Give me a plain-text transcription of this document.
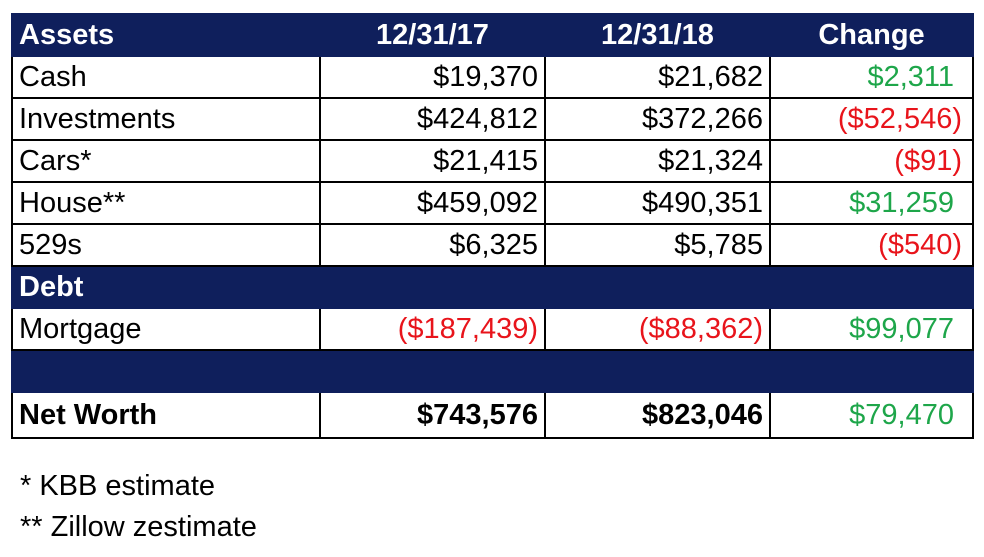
Assets	12/31/17	12/31/18	Change
Cash	$19,370	$21,682	$2,311
Investments	$424,812	$372,266	($52,546)
Cars*	$21,415	$21,324	($91)
House**	$459,092	$490,351	$31,259
529s	$6,325	$5,785	($540)
Debt			
Mortgage	($187,439)	($88,362)	$99,077

Net Worth	$743,576	$823,046	$79,470
* KBB estimate
** Zillow zestimate
